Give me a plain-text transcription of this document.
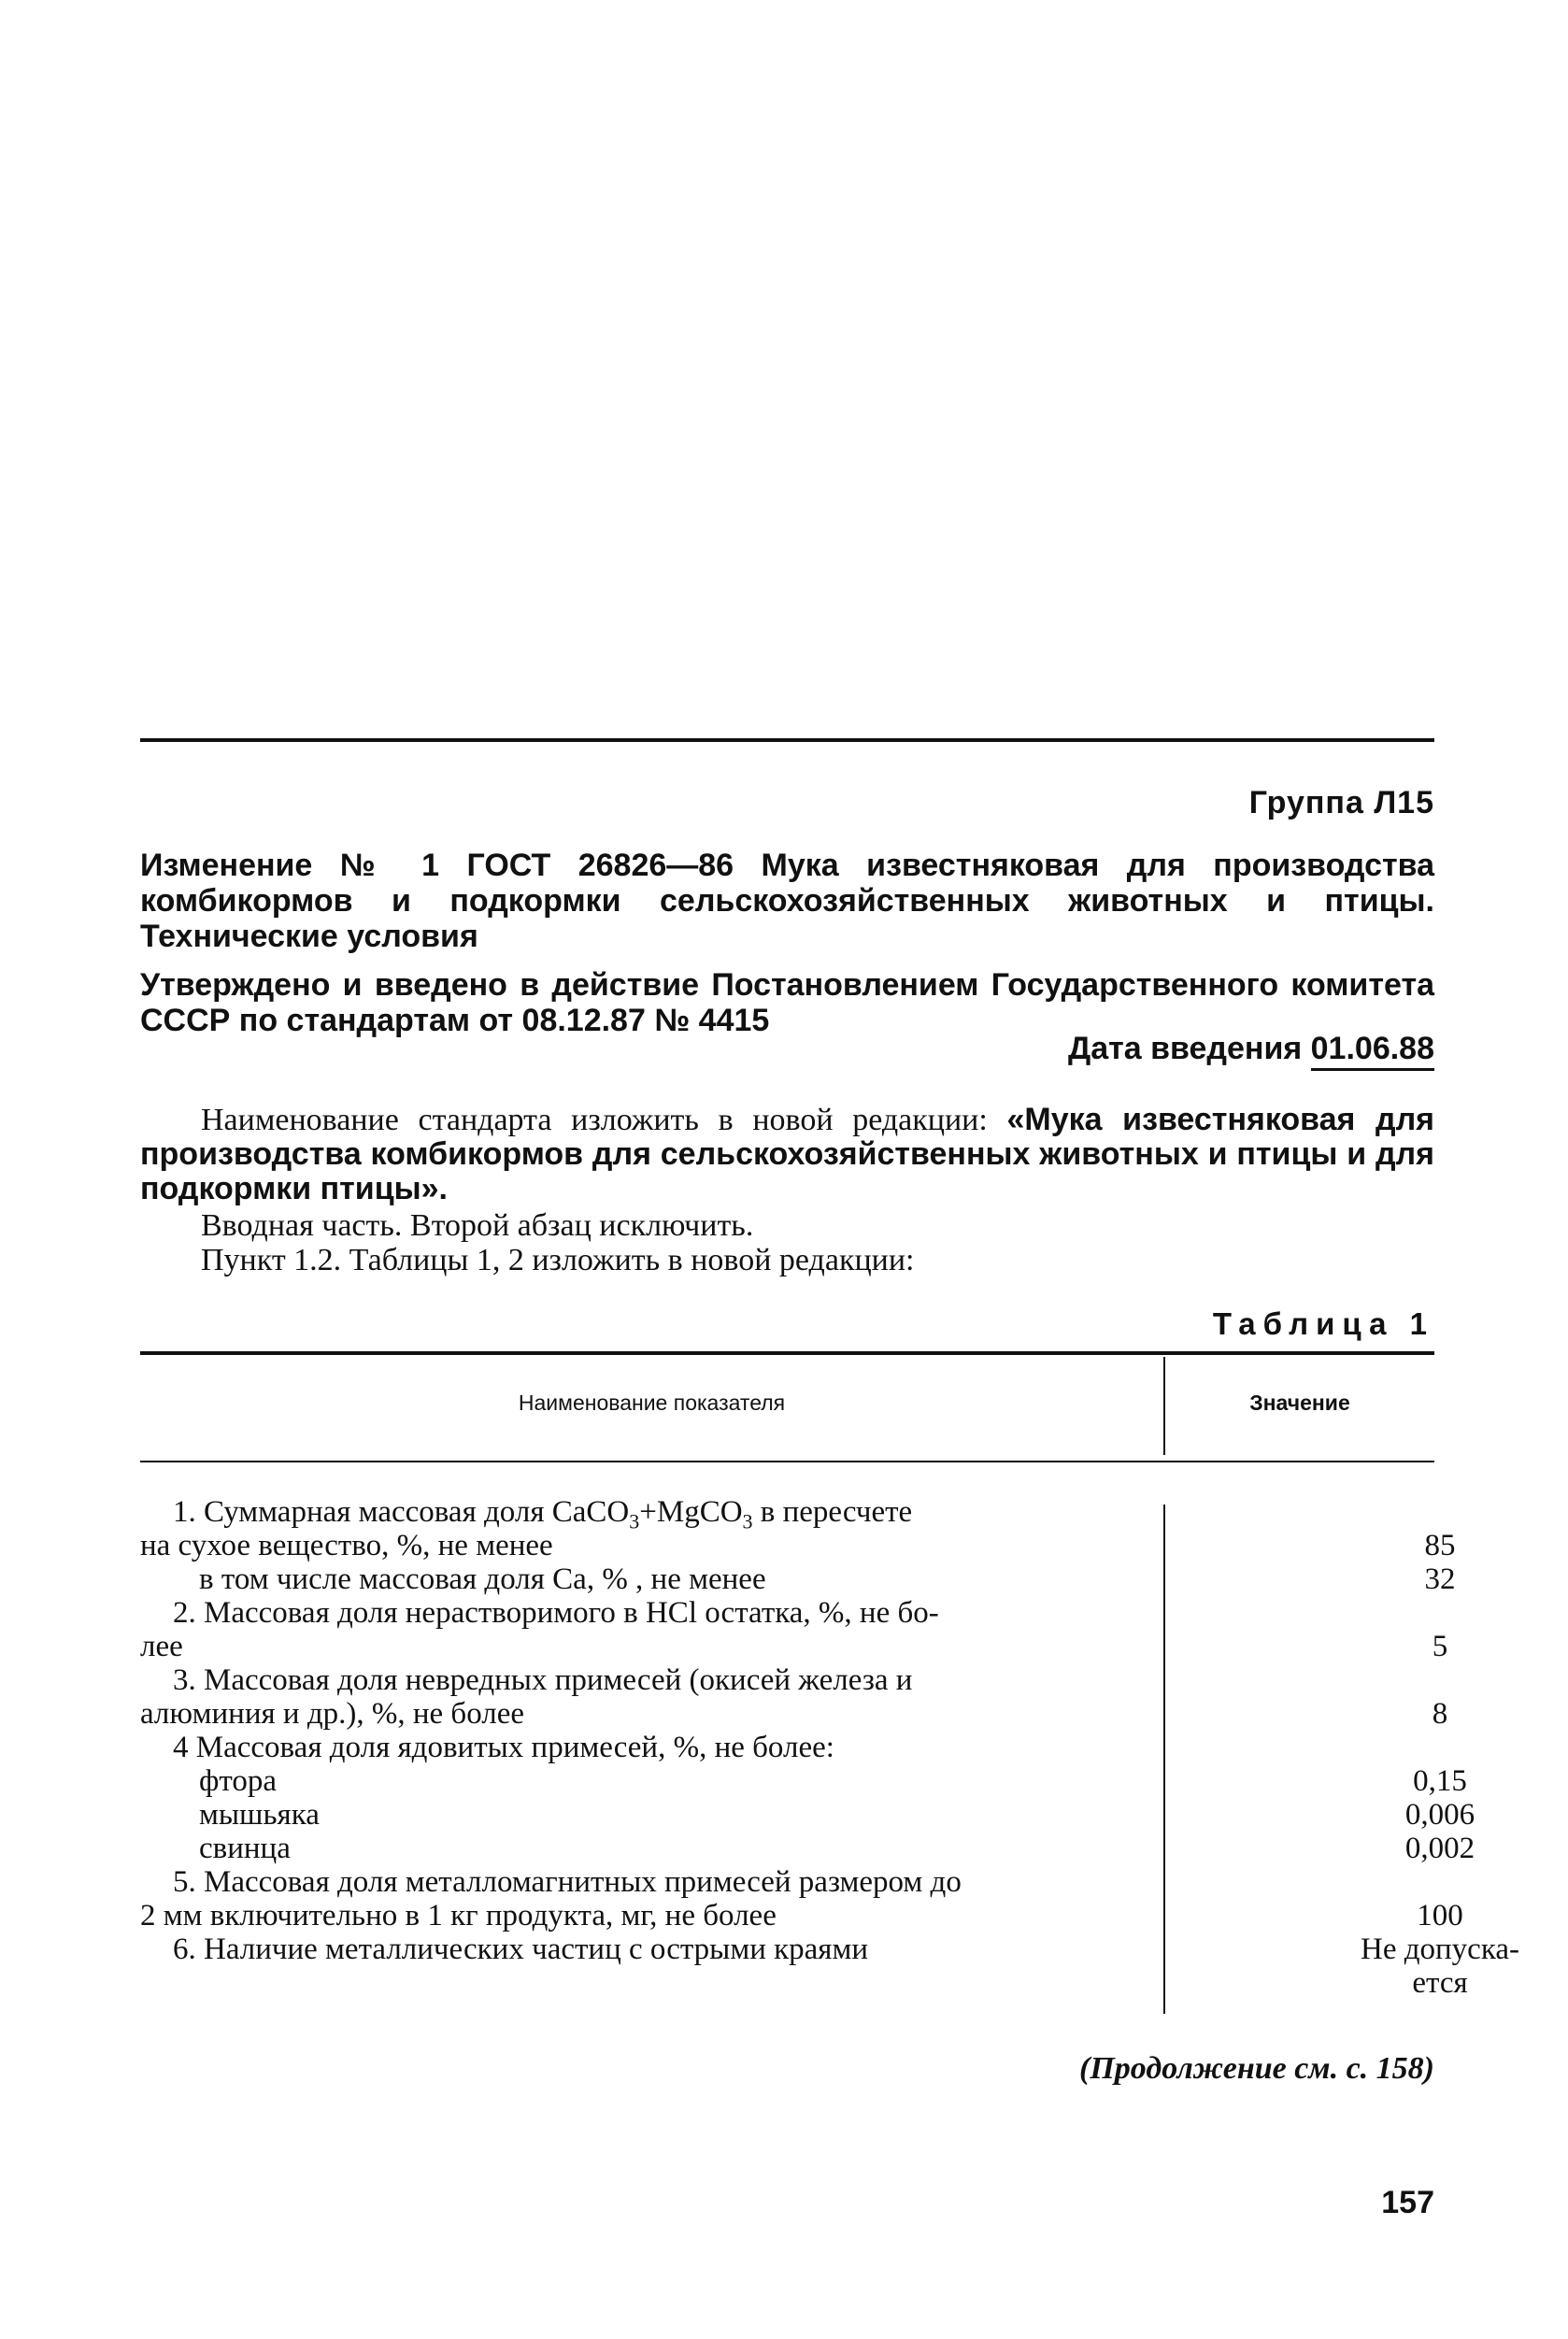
Группа Л15
Изменение № 1 ГОСТ 26826—86 Мука известняковая для производства комбикормов и подкормки сельскохозяйственных животных и птицы. Технические условия
Утверждено и введено в действие Постановлением Государственного комитета СССР по стандартам от 08.12.87 № 4415
Дата введения 01.06.88
Наименование стандарта изложить в новой редакции: «Мука известняковая для производства комбикормов для сельскохозяйственных животных и птицы и для подкормки птицы».
Вводная часть. Второй абзац исключить.
Пункт 1.2. Таблицы 1, 2 изложить в новой редакции:
Таблица 1
Наименование показателя	Значение
1. Суммарная массовая доля CaCO$_3$+MgCO$_3$ в пересчете
на сухое вещество, %, не менее	85
в том числе массовая доля Ca, % , не менее	32
2. Массовая доля нерастворимого в HCl остатка, %, не бо-
лее	5
3. Массовая доля невредных примесей (окисей железа и
алюминия и др.), %, не более	8
4 Массовая доля ядовитых примесей, %, не более:
фтора	0,15
мышьяка	0,006
свинца	0,002
5. Массовая доля металломагнитных примесей размером до
2 мм включительно в 1 кг продукта, мг, не более	100
6. Наличие металлических частиц с острыми краями	Не допуска-
ется
(Продолжение см. с. 158)
157
